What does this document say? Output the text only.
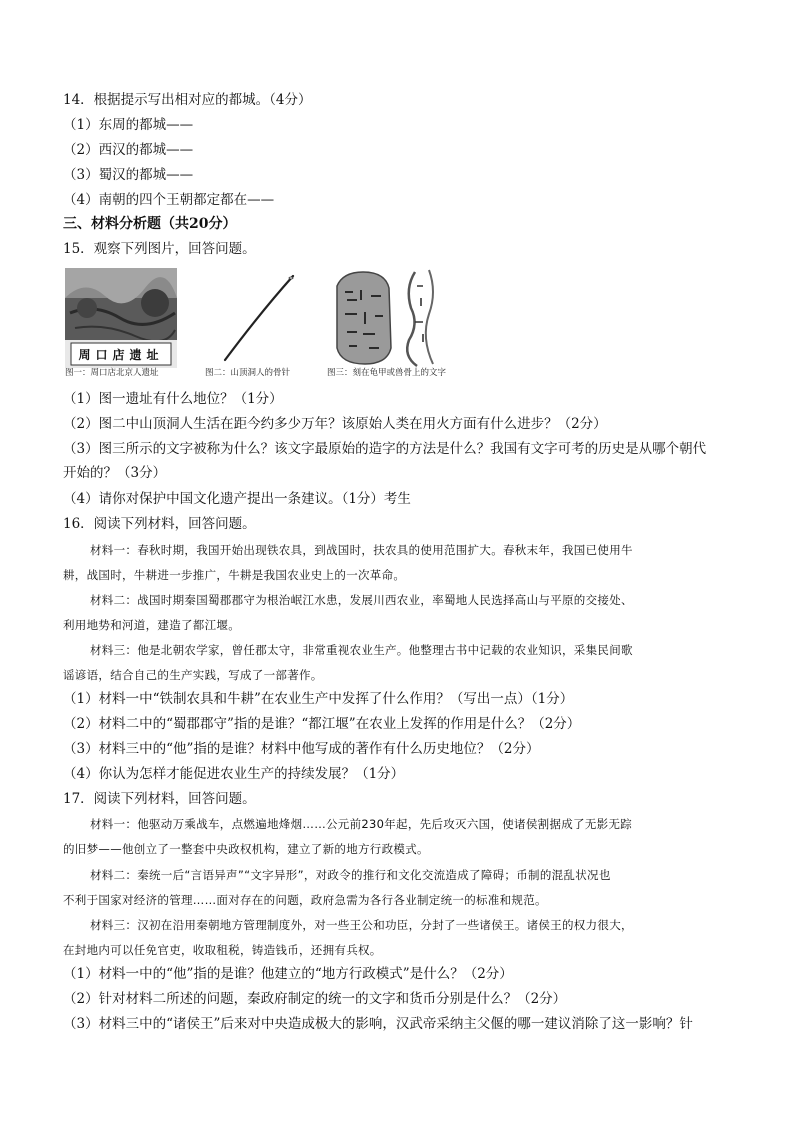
14．根据提示写出相对应的都城。（4分）
（1）东周的都城——
（2）西汉的都城——
（3）蜀汉的都城——
（4）南朝的四个王朝都定都在——
三、材料分析题（共20分）
15．观察下列图片，回答问题。
周口店遗址
图一：周口店北京人遗址	图二：山顶洞人的骨针	图三：刻在龟甲或兽骨上的文字
（1）图一遗址有什么地位？（1分）
（2）图二中山顶洞人生活在距今约多少万年？该原始人类在用火方面有什么进步？（2分）
（3）图三所示的文字被称为什么？该文字最原始的造字的方法是什么？我国有文字可考的历史是从哪个朝代
开始的？（3分）
（4）请你对保护中国文化遗产提出一条建议。（1分）考生
16．阅读下列材料，回答问题。
材料一：春秋时期，我国开始出现铁农具，到战国时，扶农具的使用范围扩大。春秋末年，我国已使用牛
耕，战国时，牛耕进一步推广，牛耕是我国农业史上的一次革命。
材料二：战国时期秦国蜀郡郡守为根治岷江水患，发展川西农业，率蜀地人民选择高山与平原的交接处、
利用地势和河道，建造了都江堰。
材料三：他是北朝农学家，曾任郡太守，非常重视农业生产。他整理古书中记载的农业知识，采集民间歌
谣谚语，结合自己的生产实践，写成了一部著作。
（1）材料一中“铁制农具和牛耕”在农业生产中发挥了什么作用？（写出一点）（1分）
（2）材料二中的“蜀郡郡守”指的是谁？“都江堰”在农业上发挥的作用是什么？（2分）
（3）材料三中的“他”指的是谁？材料中他写成的著作有什么历史地位？（2分）
（4）你认为怎样才能促进农业生产的持续发展？（1分）
17．阅读下列材料，回答问题。
材料一：他驱动万乘战车，点燃遍地烽烟……公元前230年起，先后攻灭六国，使诸侯割据成了无影无踪
的旧梦——他创立了一整套中央政权机构，建立了新的地方行政模式。
材料二：秦统一后“言语异声”“文字异形”，对政令的推行和文化交流造成了障碍；币制的混乱状况也
不利于国家对经济的管理……面对存在的问题，政府急需为各行各业制定统一的标准和规范。
材料三：汉初在沿用秦朝地方管理制度外，对一些王公和功臣，分封了一些诸侯王。诸侯王的权力很大，
在封地内可以任免官吏，收取租税，铸造钱币，还拥有兵权。
（1）材料一中的“他”指的是谁？他建立的“地方行政模式”是什么？（2分）
（2）针对材料二所述的问题，秦政府制定的统一的文字和货币分别是什么？（2分）
（3）材料三中的“诸侯王”后来对中央造成极大的影响，汉武帝采纳主父偃的哪一建议消除了这一影响？针
